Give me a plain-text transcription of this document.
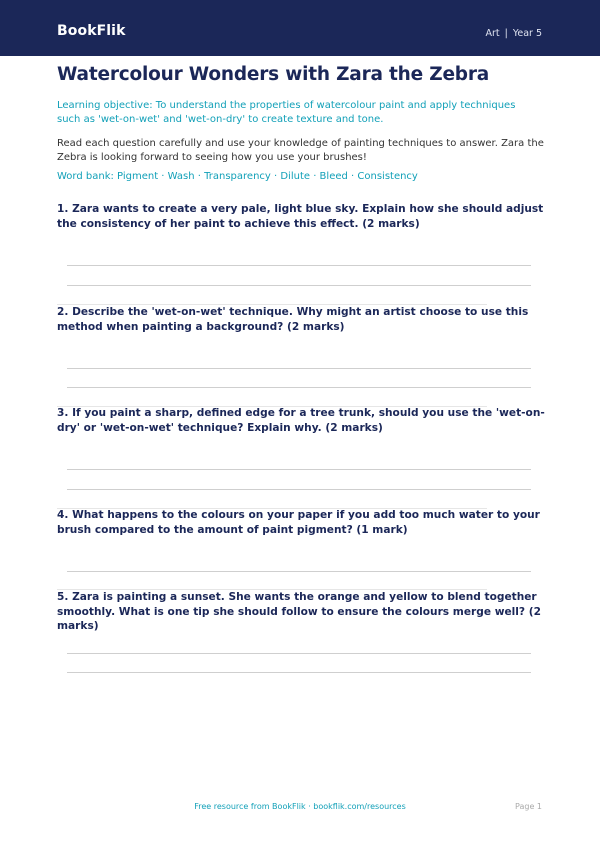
BookFlik	Art | Year 5
Watercolour Wonders with Zara the Zebra

Learning objective: To understand the properties of watercolour paint and apply techniques such as 'wet-on-wet' and 'wet-on-dry' to create texture and tone.

Read each question carefully and use your knowledge of painting techniques to answer. Zara the Zebra is looking forward to seeing how you use your brushes!

Word bank: Pigment · Wash · Transparency · Dilute · Bleed · Consistency

1. Zara wants to create a very pale, light blue sky. Explain how she should adjust the consistency of her paint to achieve this effect. (2 marks)
2. Describe the 'wet-on-wet' technique. Why might an artist choose to use this method when painting a background? (2 marks)
3. If you paint a sharp, defined edge for a tree trunk, should you use the 'wet-on-dry' or 'wet-on-wet' technique? Explain why. (2 marks)
4. What happens to the colours on your paper if you add too much water to your brush compared to the amount of paint pigment? (1 mark)
5. Zara is painting a sunset. She wants the orange and yellow to blend together smoothly. What is one tip she should follow to ensure the colours merge well? (2 marks)
Free resource from BookFlik · bookflik.com/resources	Page 1
